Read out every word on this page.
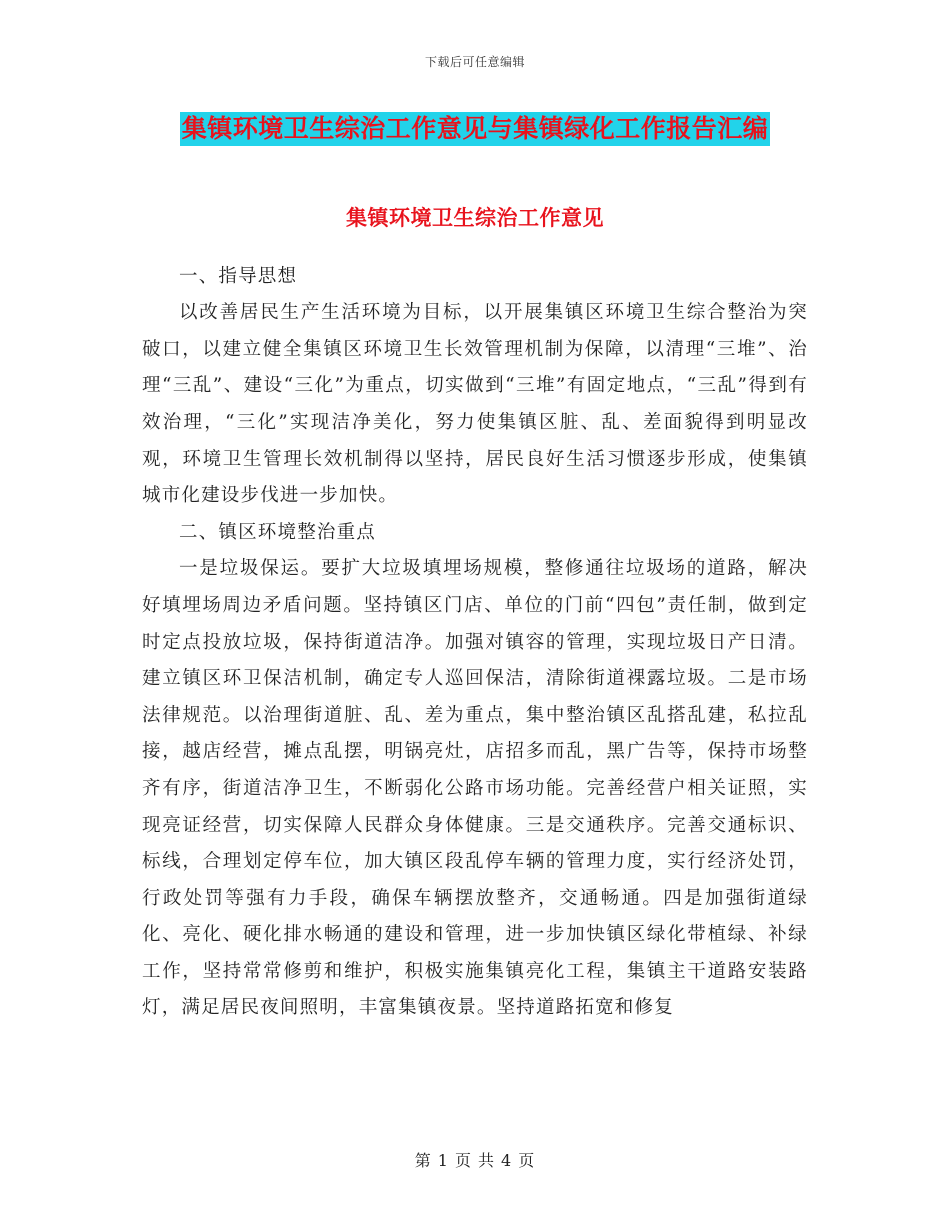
下载后可任意编辑
集镇环境卫生综治工作意见与集镇绿化工作报告汇编
集镇环境卫生综治工作意见

一、指导思想

以改善居民生产生活环境为目标，以开展集镇区环境卫生综合整治为突破口，以建立健全集镇区环境卫生长效管理机制为保障，以清理“三堆”、治理“三乱”、建设“三化”为重点，切实做到“三堆”有固定地点，“三乱”得到有效治理，“三化”实现洁净美化，努力使集镇区脏、乱、差面貌得到明显改观，环境卫生管理长效机制得以坚持，居民良好生活习惯逐步形成，使集镇城市化建设步伐进一步加快。

二、镇区环境整治重点

一是垃圾保运。要扩大垃圾填埋场规模，整修通往垃圾场的道路，解决好填埋场周边矛盾问题。坚持镇区门店、单位的门前“四包”责任制，做到定时定点投放垃圾，保持街道洁净。加强对镇容的管理，实现垃圾日产日清。建立镇区环卫保洁机制，确定专人巡回保洁，清除街道裸露垃圾。二是市场法律规范。以治理街道脏、乱、差为重点，集中整治镇区乱搭乱建，私拉乱接，越店经营，摊点乱摆，明锅亮灶，店招多而乱，黑广告等，保持市场整齐有序，街道洁净卫生，不断弱化公路市场功能。完善经营户相关证照，实现亮证经营，切实保障人民群众身体健康。三是交通秩序。完善交通标识、标线，合理划定停车位，加大镇区段乱停车辆的管理力度，实行经济处罚，行政处罚等强有力手段，确保车辆摆放整齐，交通畅通。四是加强街道绿化、亮化、硬化排水畅通的建设和管理，进一步加快镇区绿化带植绿、补绿工作，坚持常常修剪和维护，积极实施集镇亮化工程，集镇主干道路安装路灯，满足居民夜间照明，丰富集镇夜景。坚持道路拓宽和修复

第 1 页 共 4 页
